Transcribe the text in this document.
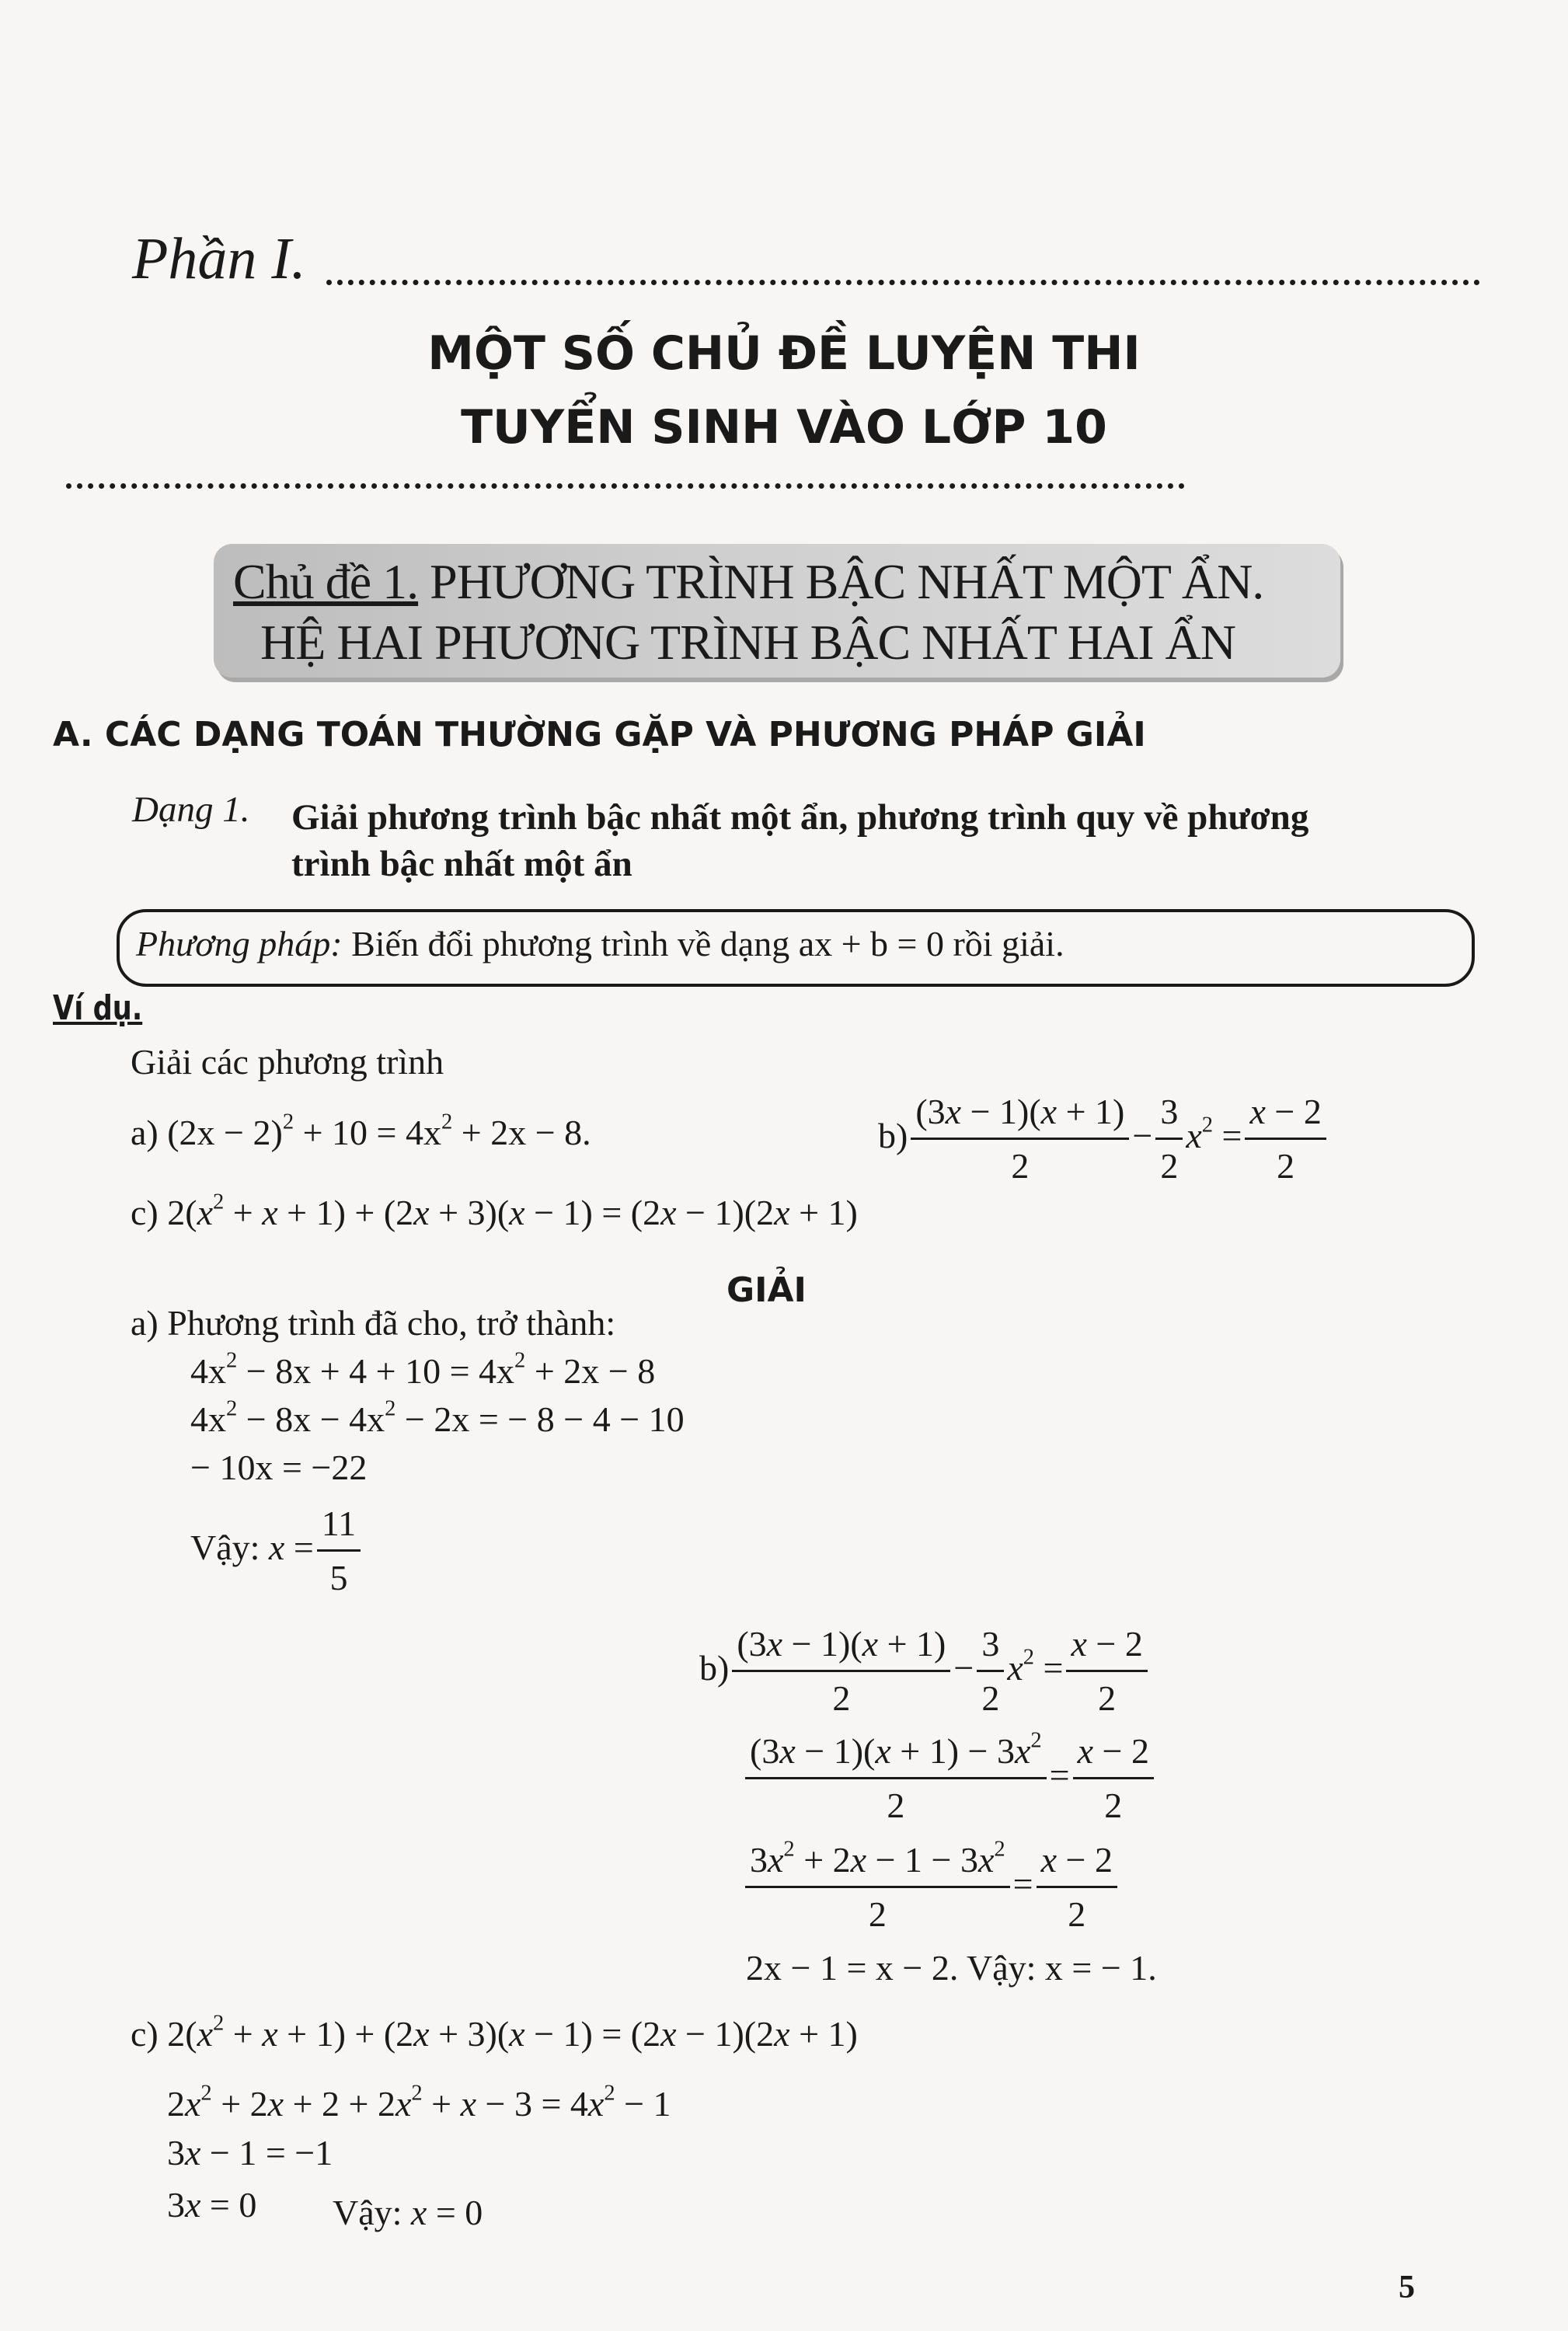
Phần I.
MỘT SỐ CHỦ ĐỀ LUYỆN THI
TUYỂN SINH VÀO LỚP 10
Chủ đề 1. PHƯƠNG TRÌNH BẬC NHẤT MỘT ẨN.
HỆ HAI PHƯƠNG TRÌNH BẬC NHẤT HAI ẨN
A. CÁC DẠNG TOÁN THƯỜNG GẶP VÀ PHƯƠNG PHÁP GIẢI
Dạng 1. Giải phương trình bậc nhất một ẩn, phương trình quy về phương
trình bậc nhất một ẩn
Phương pháp: Biến đổi phương trình về dạng ax + b = 0 rồi giải.
Ví dụ.
Giải các phương trình
a) $(2x - 2)^2 + 10 = 4x^2 + 2x - 8$.	$b) \frac{(3x - 1)(x + 1)}{2} - \frac{3}{2} x^2 = \frac{x - 2}{2}$
c) $2(x^2 + x + 1) + (2x + 3)(x - 1) = (2x - 1)(2x + 1)$
GIẢI
a) Phương trình đã cho, trở thành:
$4x^2 - 8x + 4 + 10 = 4x^2 + 2x - 8$
$4x^2 - 8x - 4x^2 - 2x$ = − 8 − 4 − 10
− 10x = −22
Vậy: $x = \frac{11}{5}$
$b) \frac{(3x - 1)(x + 1)}{2} - \frac{3}{2} x^2 = \frac{x - 2}{2}$
$\frac{(3x - 1)(x + 1) - 3x^2}{2} = \frac{x - 2}{2}$
$\frac{3x^2 + 2x - 1 - 3x^2}{2} = \frac{x - 2}{2}$
2x − 1 = x − 2. Vậy: x = − 1.
c) $2(x^2 + x + 1) + (2x + 3)(x - 1) = (2x - 1)(2x + 1)$
$2x^2 + 2x + 2 + 2x^2 + x - 3 = 4x^2 - 1$
3x − 1 = −1
3x = 0 Vậy: x = 0
5
